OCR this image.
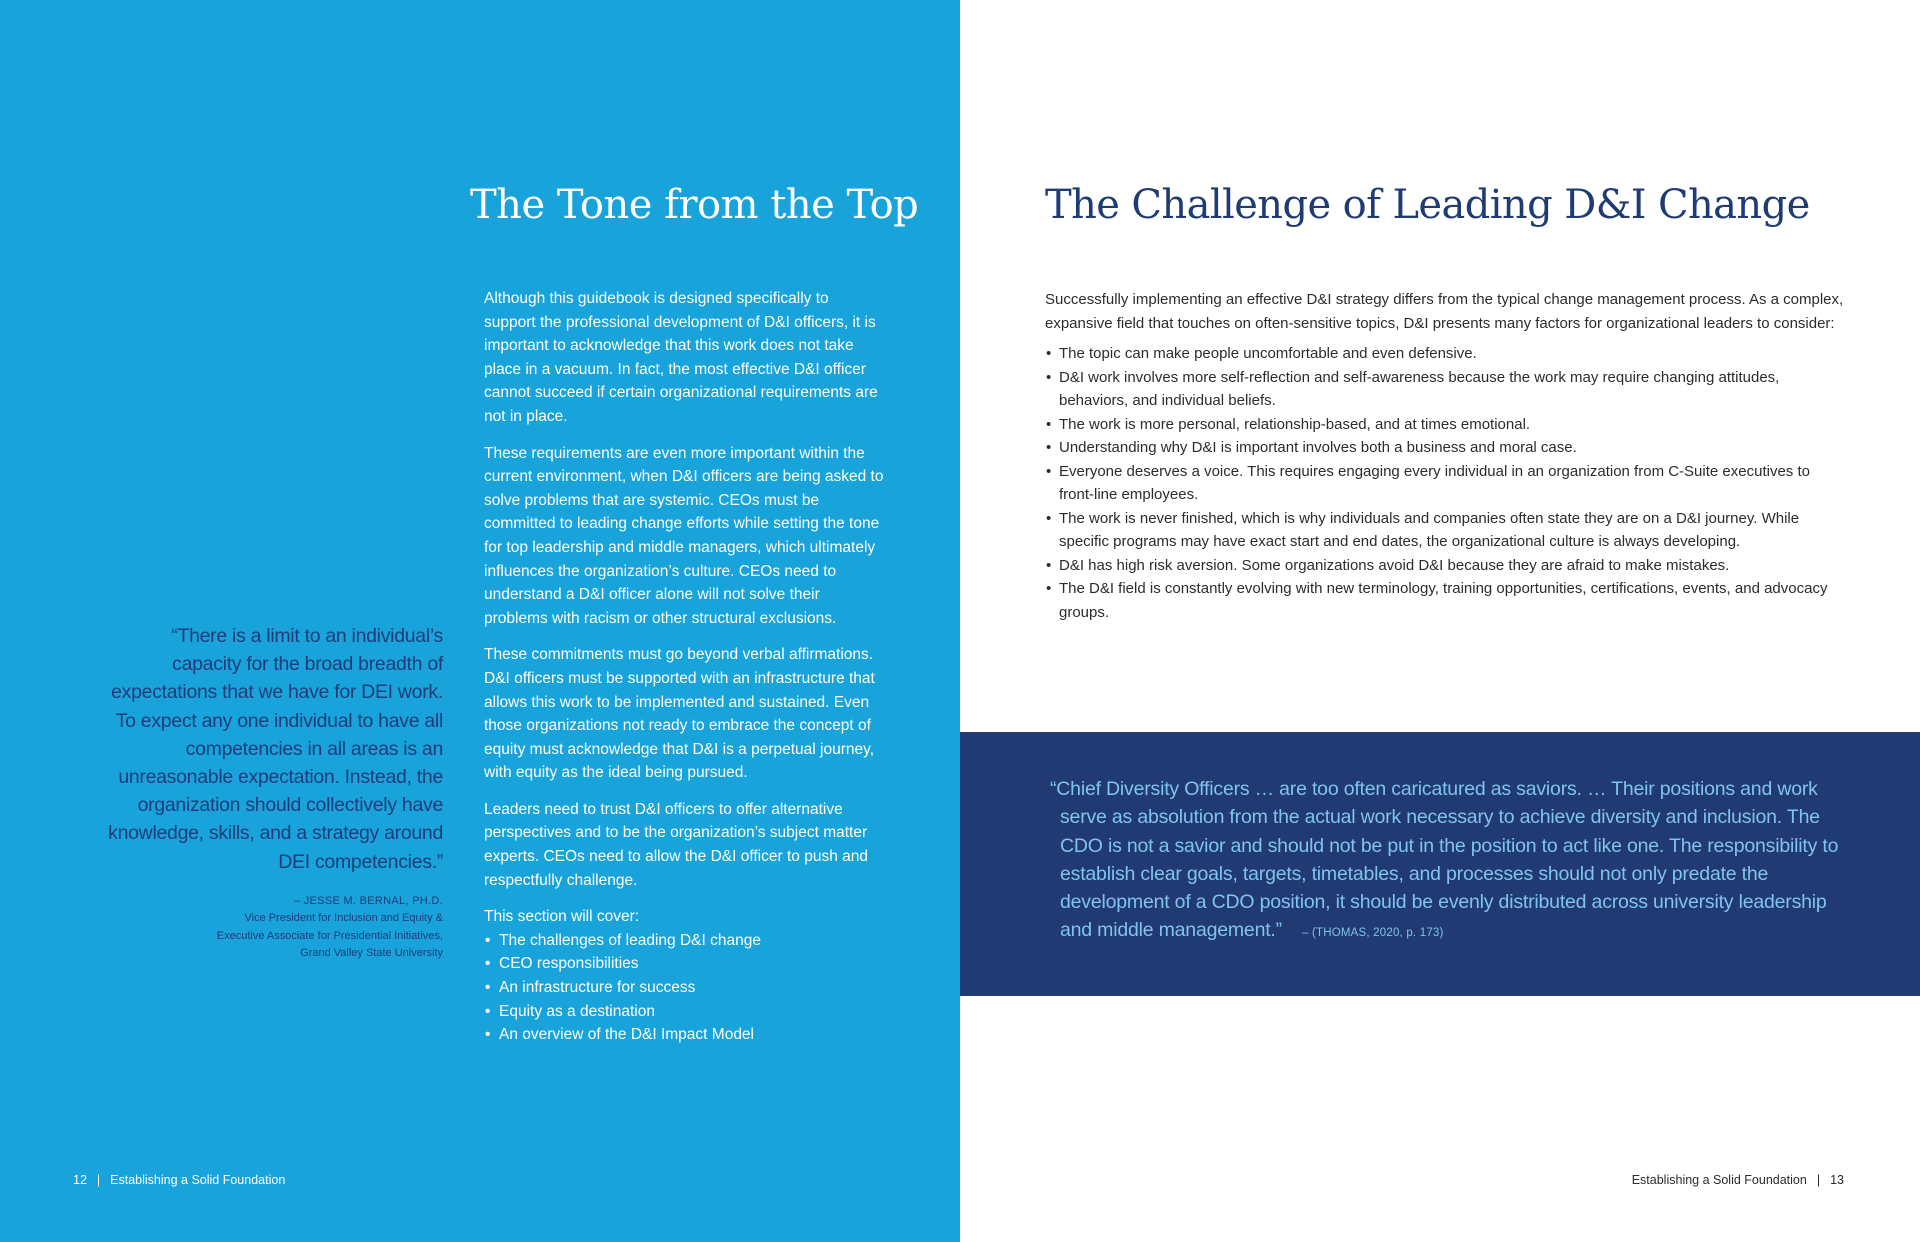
The Tone from the Top

Although this guidebook is designed specifically to support the professional development of D&I officers, it is important to acknowledge that this work does not take place in a vacuum. In fact, the most effective D&I officer cannot succeed if certain organizational requirements are not in place.

These requirements are even more important within the current environment, when D&I officers are being asked to solve problems that are systemic. CEOs must be committed to leading change efforts while setting the tone for top leadership and middle managers, which ultimately influences the organization’s culture. CEOs need to understand a D&I officer alone will not solve their problems with racism or other structural exclusions.

These commitments must go beyond verbal affirmations. D&I officers must be supported with an infrastructure that allows this work to be implemented and sustained. Even those organizations not ready to embrace the concept of equity must acknowledge that D&I is a perpetual journey, with equity as the ideal being pursued.

Leaders need to trust D&I officers to offer alternative perspectives and to be the organization’s subject matter experts. CEOs need to allow the D&I officer to push and respectfully challenge.

This section will cover:

• The challenges of leading D&I change
• CEO responsibilities
• An infrastructure for success
• Equity as a destination
• An overview of the D&I Impact Model

“There is a limit to an individual’s capacity for the broad breadth of expectations that we have for DEI work. To expect any one individual to have all competencies in all areas is an unreasonable expectation. Instead, the organization should collectively have knowledge, skills, and a strategy around DEI competencies.”

– JESSE M. BERNAL, PH.D.
Vice President for Inclusion and Equity &
Executive Associate for Presidential Initiatives,
Grand Valley State University
The Challenge of Leading D&I Change

Successfully implementing an effective D&I strategy differs from the typical change management process. As a complex, expansive field that touches on often-sensitive topics, D&I presents many factors for organizational leaders to consider:

• The topic can make people uncomfortable and even defensive.
• D&I work involves more self-reflection and self-awareness because the work may require changing attitudes, behaviors, and individual beliefs.
• The work is more personal, relationship-based, and at times emotional.
• Understanding why D&I is important involves both a business and moral case.
• Everyone deserves a voice. This requires engaging every individual in an organization from C-Suite executives to front-line employees.
• The work is never finished, which is why individuals and companies often state they are on a D&I journey. While specific programs may have exact start and end dates, the organizational culture is always developing.
• D&I has high risk aversion. Some organizations avoid D&I because they are afraid to make mistakes.
• The D&I field is constantly evolving with new terminology, training opportunities, certifications, events, and advocacy groups.
“Chief Diversity Officers … are too often caricatured as saviors. … Their positions and work serve as absolution from the actual work necessary to achieve diversity and inclusion. The CDO is not a savior and should not be put in the position to act like one. The responsibility to establish clear goals, targets, timetables, and processes should not only predate the development of a CDO position, it should be evenly distributed across university leadership and middle management.” – (THOMAS, 2020, p. 173)
12 | Establishing a Solid Foundation	Establishing a Solid Foundation | 13
